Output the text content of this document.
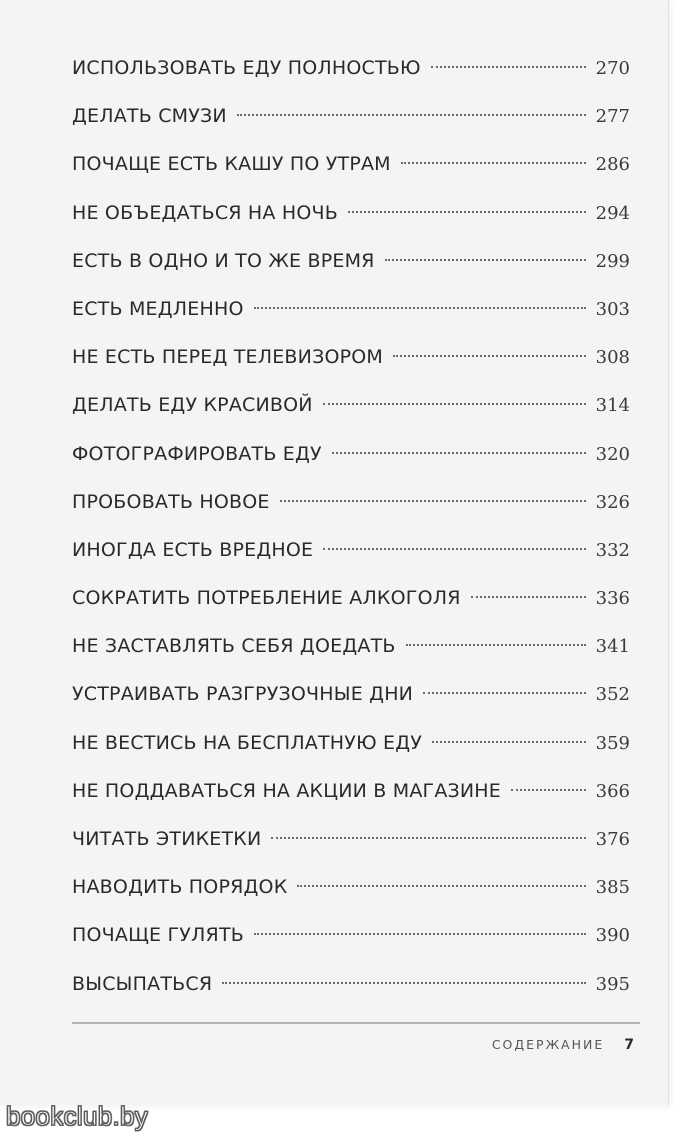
ИСПОЛЬЗОВАТЬ ЕДУ ПОЛНОСТЬЮ	270
ДЕЛАТЬ СМУЗИ	277
ПОЧАЩЕ ЕСТЬ КАШУ ПО УТРАМ	286
НЕ ОБЪЕДАТЬСЯ НА НОЧЬ	294
ЕСТЬ В ОДНО И ТО ЖЕ ВРЕМЯ	299
ЕСТЬ МЕДЛЕННО	303
НЕ ЕСТЬ ПЕРЕД ТЕЛЕВИЗОРОМ	308
ДЕЛАТЬ ЕДУ КРАСИВОЙ	314
ФОТОГРАФИРОВАТЬ ЕДУ	320
ПРОБОВАТЬ НОВОЕ	326
ИНОГДА ЕСТЬ ВРЕДНОЕ	332
СОКРАТИТЬ ПОТРЕБЛЕНИЕ АЛКОГОЛЯ	336
НЕ ЗАСТАВЛЯТЬ СЕБЯ ДОЕДАТЬ	341
УСТРАИВАТЬ РАЗГРУЗОЧНЫЕ ДНИ	352
НЕ ВЕСТИСЬ НА БЕСПЛАТНУЮ ЕДУ	359
НЕ ПОДДАВАТЬСЯ НА АКЦИИ В МАГАЗИНЕ	366
ЧИТАТЬ ЭТИКЕТКИ	376
НАВОДИТЬ ПОРЯДОК	385
ПОЧАЩЕ ГУЛЯТЬ	390
ВЫСЫПАТЬСЯ	395
СОДЕРЖАНИЕ 7
bookclub.by
